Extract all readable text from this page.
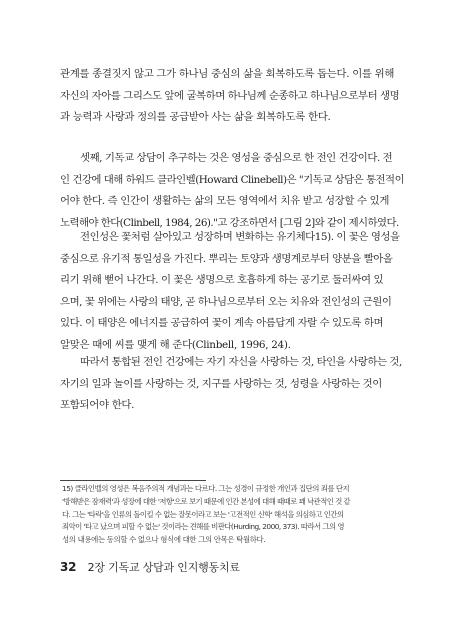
관계를 종결짓지 않고 그가 하나님 중심의 삶을 회복하도록 돕는다. 이를 위해
자신의 자아를 그리스도 앞에 굴복하며 하나님께 순종하고 하나님으로부터 생명
과 능력과 사랑과 정의를 공급받아 사는 삶을 회복하도록 한다.

셋째, 기독교 상담이 추구하는 것은 영성을 중심으로 한 전인 건강이다. 전
인 건강에 대해 하워드 클라인벨(Howard Clinebell)은 "기독교 상담은 통전적이
어야 한다. 즉 인간이 생활하는 삶의 모든 영역에서 치유 받고 성장할 수 있게
노력해야 한다(Clinbell, 1984, 26)."고 강조하면서 [그림 2]와 같이 제시하였다.

전인성은 꽃처럼 살아있고 성장하며 변화하는 유기체다15). 이 꽃은 영성을
중심으로 유기적 통일성을 가진다. 뿌리는 토양과 생명계로부터 양분을 빨아올
리기 위해 뻗어 나간다. 이 꽃은 생명으로 호흡하게 하는 공기로 둘러싸여 있
으며, 꽃 위에는 사랑의 태양, 곧 하나님으로부터 오는 치유와 전인성의 근원이
있다. 이 태양은 에너지를 공급하여 꽃이 계속 아름답게 자랄 수 있도록 하며
알맞은 때에 씨를 맺게 해 준다(Clinbell, 1996, 24).

따라서 통합된 전인 건강에는 자기 자신을 사랑하는 것, 타인을 사랑하는 것,
자기의 일과 놀이를 사랑하는 것, 지구를 사랑하는 것, 성령을 사랑하는 것이
포함되어야 한다.

15) 클라인벨의 영성은 복음주의적 개념과는 다르다. 그는 성경이 규정한 개인과 집단의 죄를 단지
'방해받은 잠재력'과 성장에 대한 '저항'으로 보기 때문에 인간 본성에 대해 때때로 꽤 낙관적인 것 같
다. 그는 '타락'을 인류의 돌이킬 수 없는 잘못이라고 보는 '고전적인 신학' 해석을 의심하고 인간의
죄악이 '타고 났으며 피할 수 없는' 것이라는 견해를 비판다(Hurding, 2000, 373). 따라서 그의 영
성의 내용에는 동의할 수 없으나 형식에 대한 그의 안목은 탁월하다.

32 2장 기독교 상담과 인지행동치료
